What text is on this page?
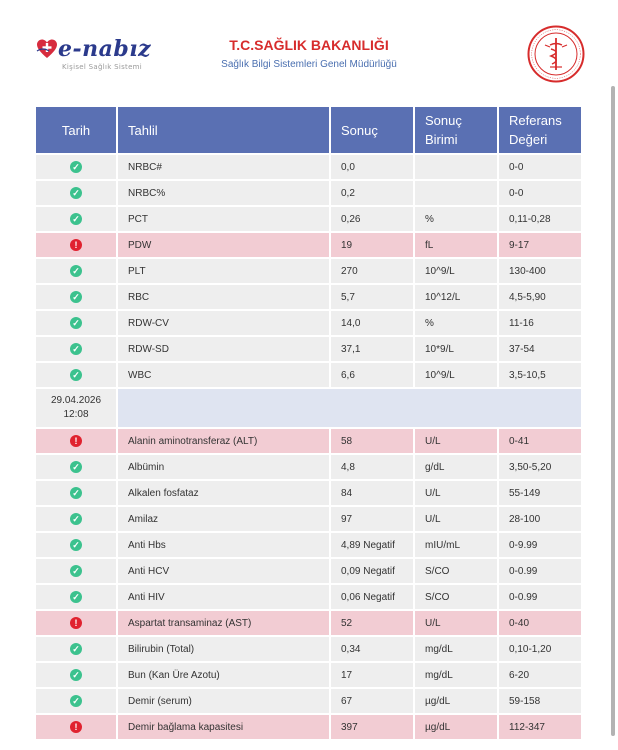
e-nabız
Kişisel Sağlık Sistemi
T.C.SAĞLIK BAKANLIĞI
Sağlık Bilgi Sistemleri Genel Müdürlüğü
Tarih	Tahlil	Sonuç	Sonuç Birimi	Referans Değeri
✓	NRBC#	0,0		0-0
✓	NRBC%	0,2		0-0
✓	PCT	0,26	%	0,11-0,28
!	PDW	19	fL	9-17
✓	PLT	270	10^9/L	130-400
✓	RBC	5,7	10^12/L	4,5-5,90
✓	RDW-CV	14,0	%	11-16
✓	RDW-SD	37,1	10*9/L	37-54
✓	WBC	6,6	10^9/L	3,5-10,5
29.04.2026
12:08				
!	Alanin aminotransferaz (ALT)	58	U/L	0-41
✓	Albümin	4,8	g/dL	3,50-5,20
✓	Alkalen fosfataz	84	U/L	55-149
✓	Amilaz	97	U/L	28-100
✓	Anti Hbs	4,89 Negatif	mIU/mL	0-9.99
✓	Anti HCV	0,09 Negatif	S/CO	0-0.99
✓	Anti HIV	0,06 Negatif	S/CO	0-0.99
!	Aspartat transaminaz (AST)	52	U/L	0-40
✓	Bilirubin (Total)	0,34	mg/dL	0,10-1,20
✓	Bun (Kan Üre Azotu)	17	mg/dL	6-20
✓	Demir (serum)	67	µg/dL	59-158
!	Demir bağlama kapasitesi	397	µg/dL	112-347
